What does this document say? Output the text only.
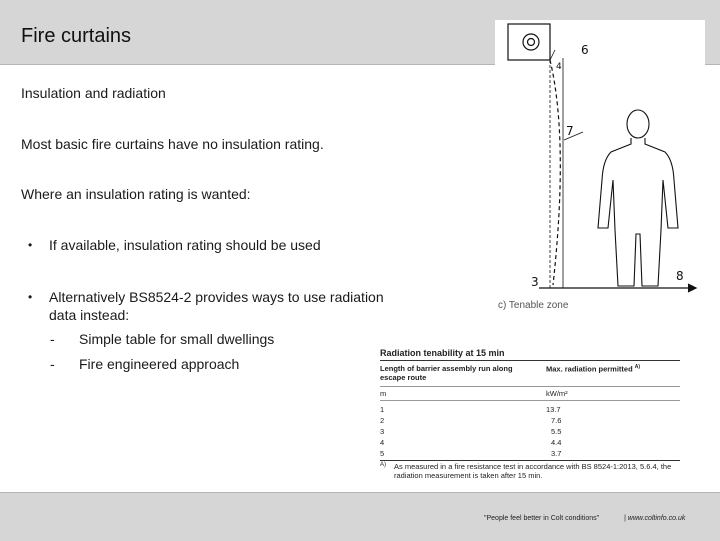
Fire curtains
Insulation and radiation
Most basic fire curtains have no insulation rating.
Where an insulation rating is wanted:
• If available, insulation rating should be used
• Alternatively BS8524-2 provides ways to use radiation data instead:
- Simple table for small dwellings
- Fire engineered approach
6
4
7
3	8
c) Tenable zone
Radiation tenability at 15 min
Length of barrier assembly run along escape route
Max. radiation permitted $^{A)}$
m	kW/m²
1	13.7
2	7.6
3	5.5
4	4.4
5	3.7
A) As measured in a fire resistance test in accordance with BS 8524-1:2013, 5.6.4, the radiation measurement is taken after 15 min.
"People feel better in Colt conditions"	| www.coltinfo.co.uk
